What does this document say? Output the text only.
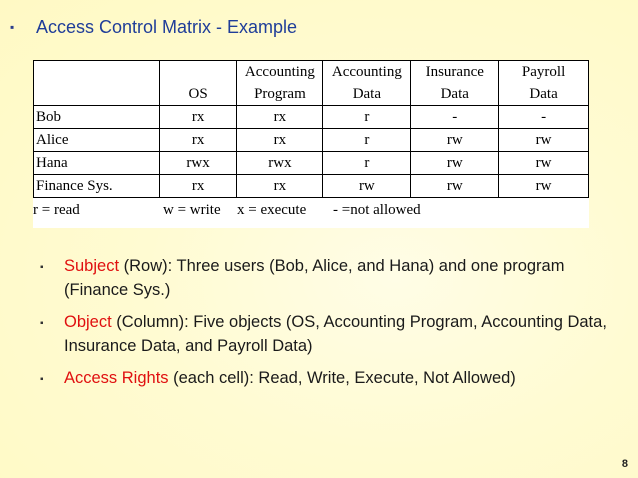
▪	Access Control Matrix - Example
		Accounting	Accounting	Insurance	Payroll
	OS	Program	Data	Data	Data
Bob	rx	rx	r	-	-
Alice	rx	rx	r	rw	rw
Hana	rwx	rwx	r	rw	rw
Finance Sys.	rx	rx	rw	rw	rw
r = read	w = write x = execute - =not allowed
▪	Subject (Row): Three users (Bob, Alice, and Hana) and one program (Finance Sys.)
▪	Object (Column): Five objects (OS, Accounting Program, Accounting Data, Insurance Data, and Payroll Data)
▪	Access Rights (each cell): Read, Write, Execute, Not Allowed)
8
